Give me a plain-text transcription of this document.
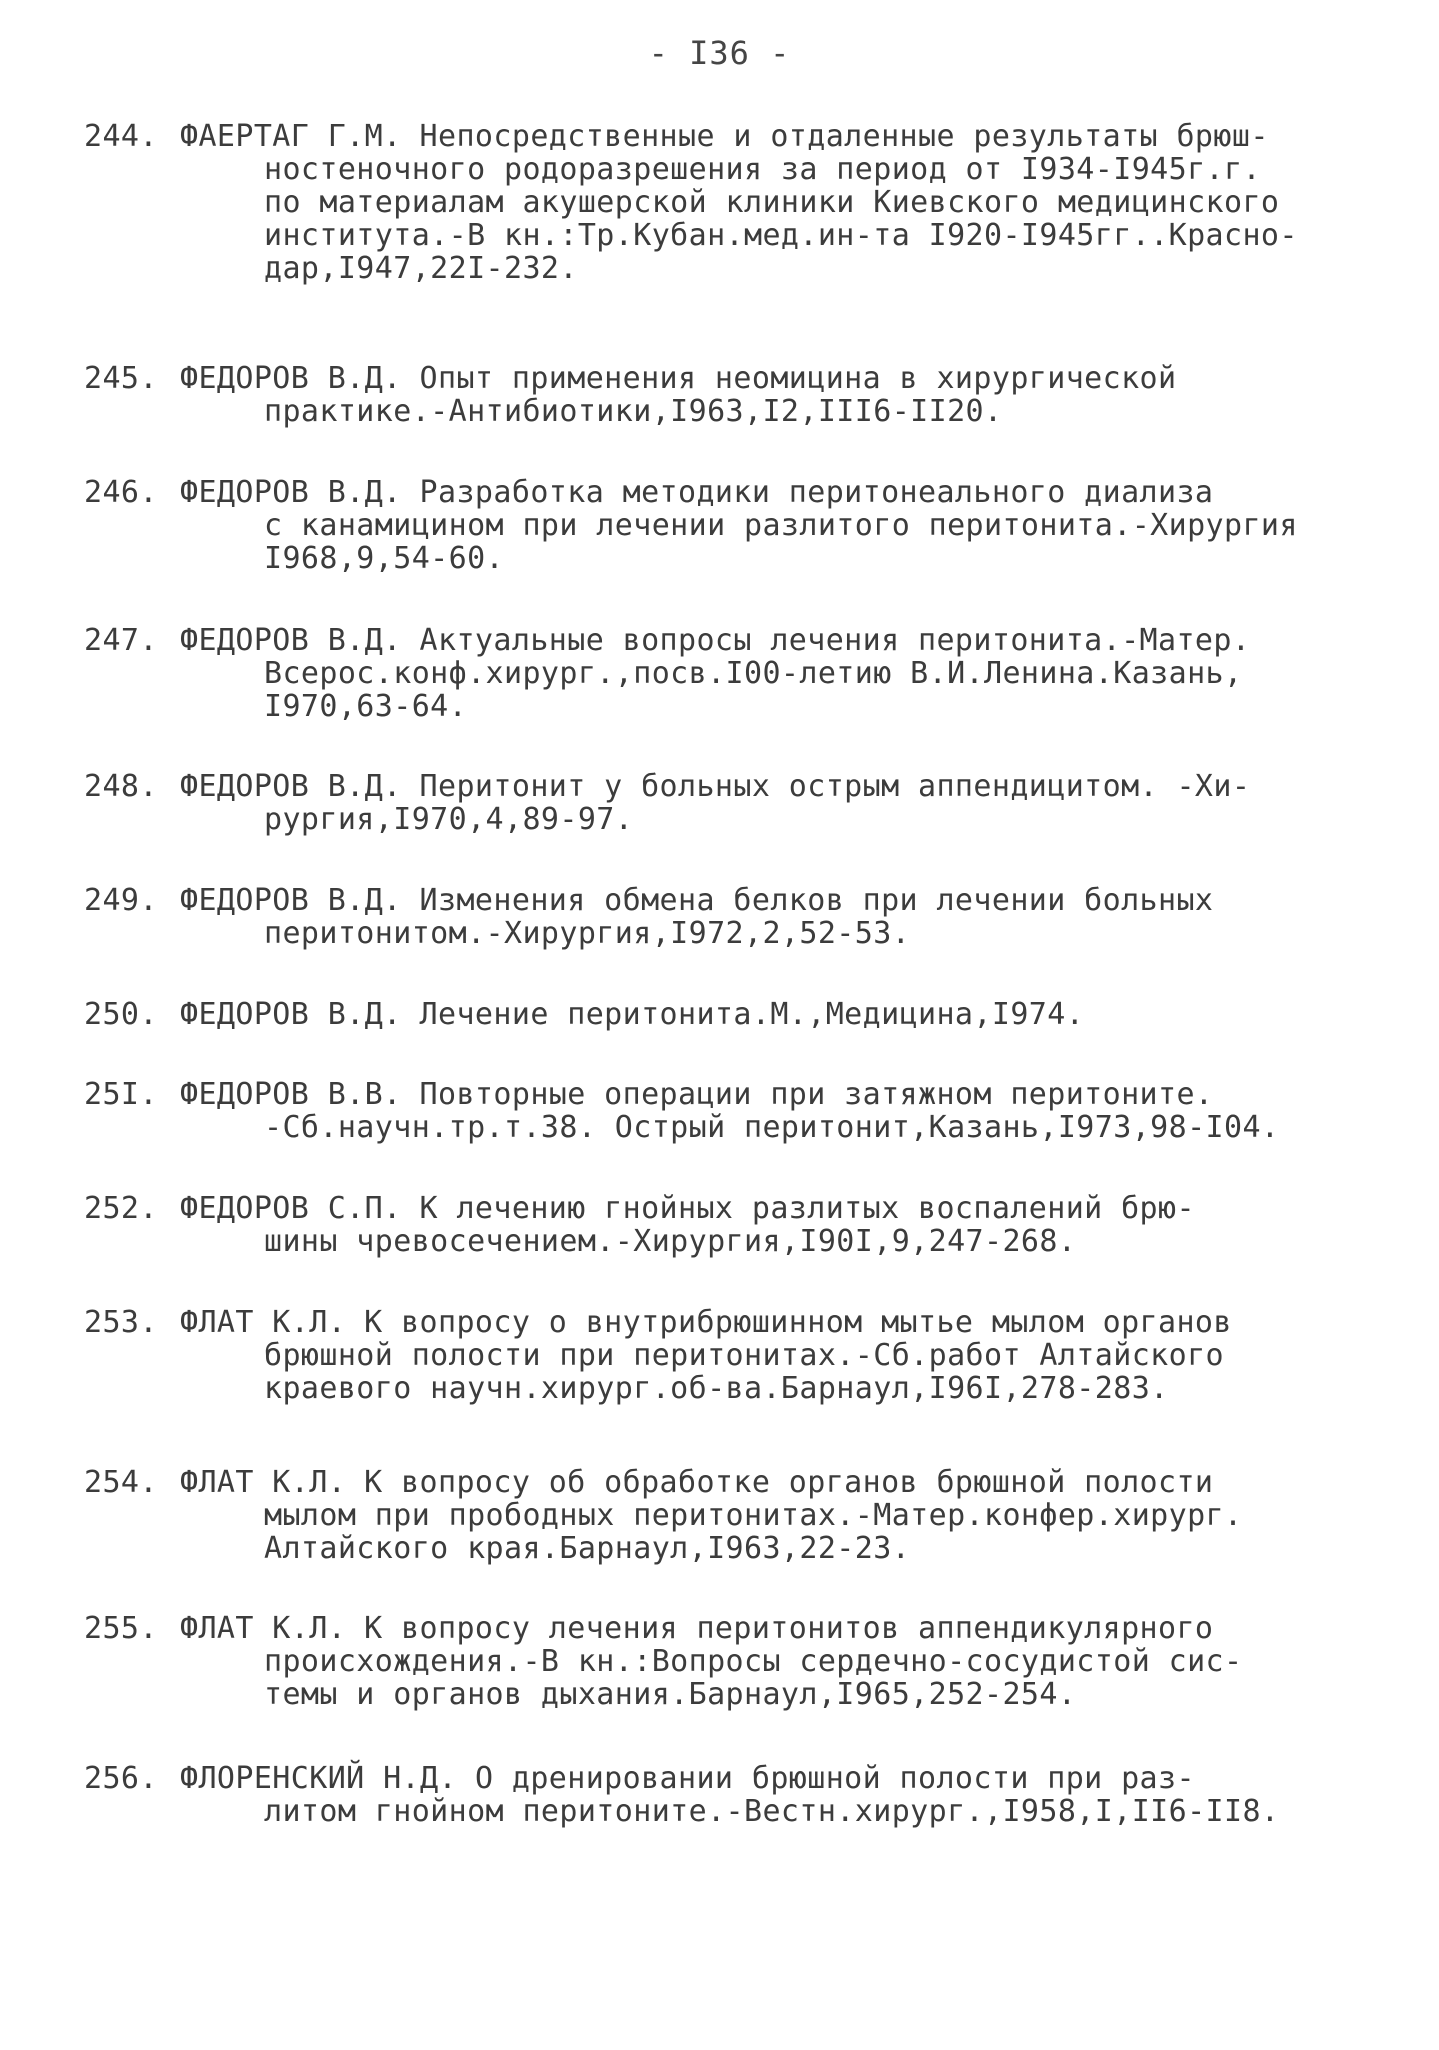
- I36 -
244. ФАЕРТАГ Г.М. Непосредственные и отдаленные результаты брюш-
ностеночного родоразрешения за период от I934-I945г.г.
по материалам акушерской клиники Киевского медицинского
института.-В кн.:Тр.Кубан.мед.ин-та I920-I945гг..Красно-
дар,I947,22I-232.
245. ФЕДОРОВ В.Д. Опыт применения неомицина в хирургической
практике.-Антибиотики,I963,I2,III6-II20.
246. ФЕДОРОВ В.Д. Разработка методики перитонеального диализа
с канамицином при лечении разлитого перитонита.-Хирургия
I968,9,54-60.
247. ФЕДОРОВ В.Д. Актуальные вопросы лечения перитонита.-Матер.
Всерос.конф.хирург.,посв.I00-летию В.И.Ленина.Казань,
I970,63-64.
248. ФЕДОРОВ В.Д. Перитонит у больных острым аппендицитом. -Хи-
рургия,I970,4,89-97.
249. ФЕДОРОВ В.Д. Изменения обмена белков при лечении больных
перитонитом.-Хирургия,I972,2,52-53.
250. ФЕДОРОВ В.Д. Лечение перитонита.М.,Медицина,I974.
25I. ФЕДОРОВ В.В. Повторные операции при затяжном перитоните.
-Сб.научн.тр.т.38. Острый перитонит,Казань,I973,98-I04.
252. ФЕДОРОВ С.П. К лечению гнойных разлитых воспалений брю-
шины чревосечением.-Хирургия,I90I,9,247-268.
253. ФЛАТ К.Л. К вопросу о внутрибрюшинном мытье мылом органов
брюшной полости при перитонитах.-Сб.работ Алтайского
краевого научн.хирург.об-ва.Барнаул,I96I,278-283.
254. ФЛАТ К.Л. К вопросу об обработке органов брюшной полости
мылом при прободных перитонитах.-Матер.конфер.хирург.
Алтайского края.Барнаул,I963,22-23.
255. ФЛАТ К.Л. К вопросу лечения перитонитов аппендикулярного
происхождения.-В кн.:Вопросы сердечно-сосудистой сис-
темы и органов дыхания.Барнаул,I965,252-254.
256. ФЛОРЕНСКИЙ Н.Д. О дренировании брюшной полости при раз-
литом гнойном перитоните.-Вестн.хирург.,I958,I,II6-II8.
